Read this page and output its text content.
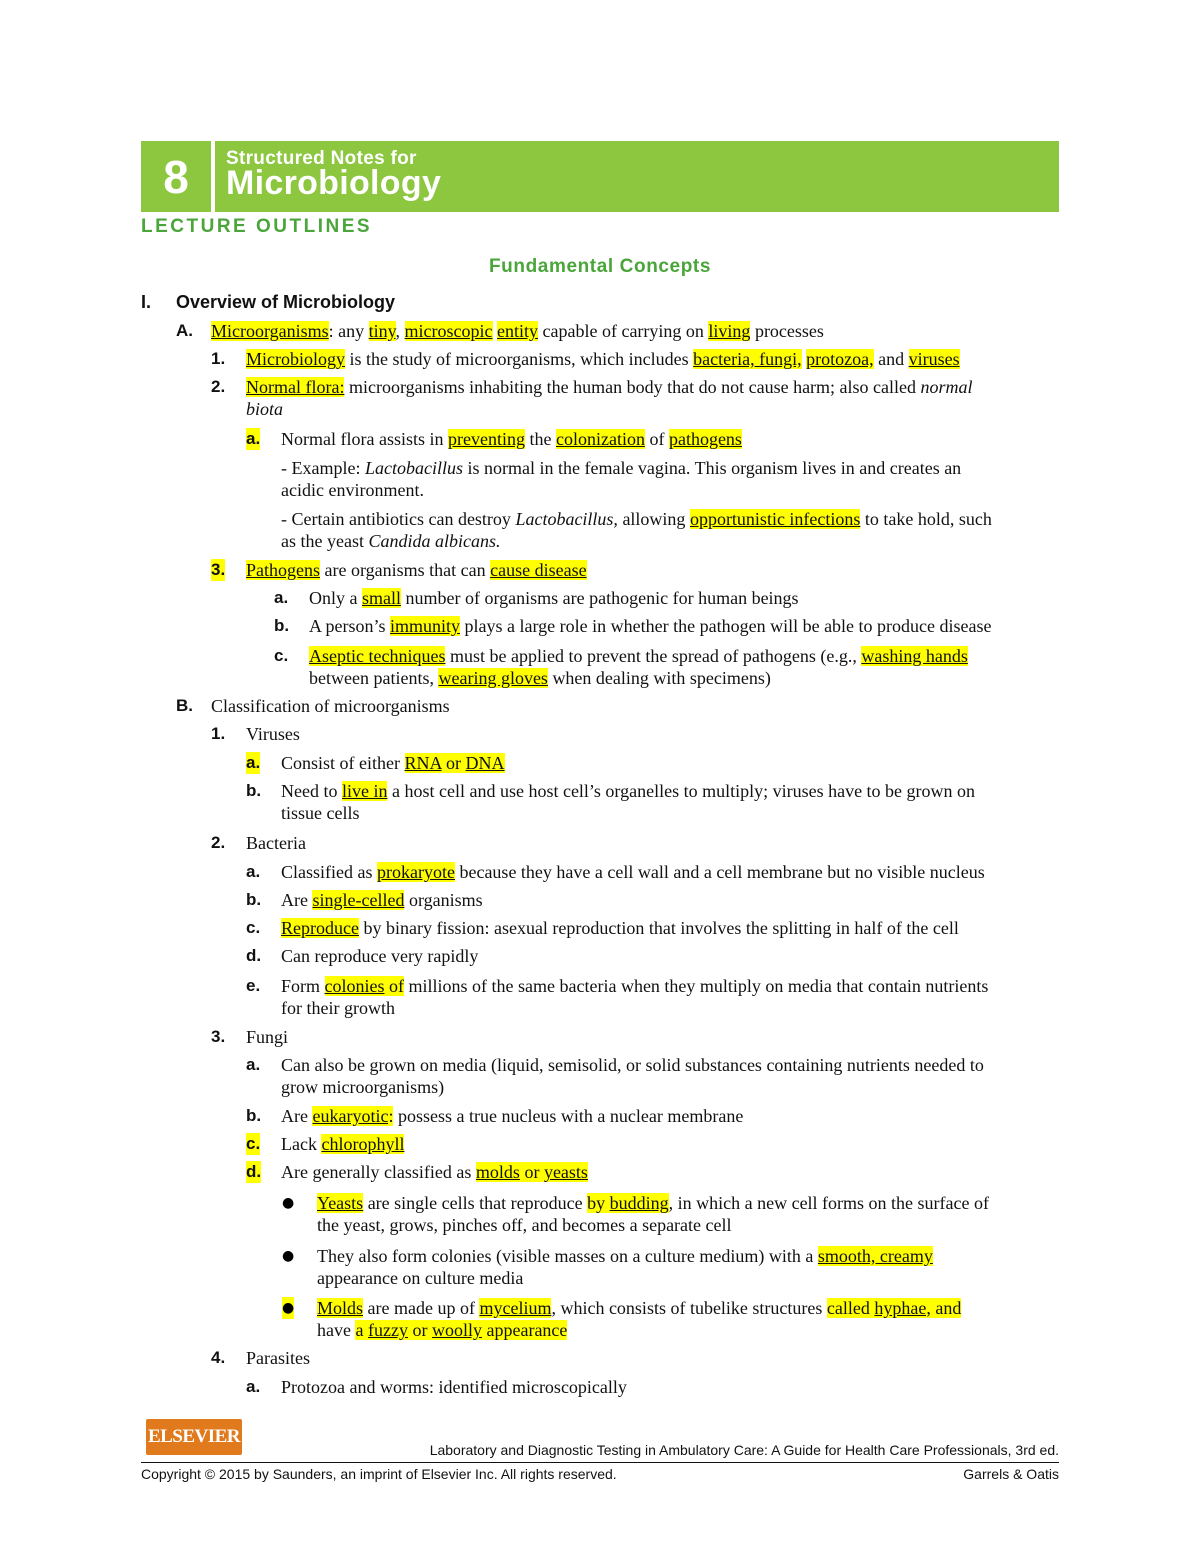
8	Structured Notes for
Microbiology
LECTURE OUTLINES
Fundamental Concepts
I. Overview of Microbiology
A. Microorganisms: any tiny, microscopic entity capable of carrying on living processes
1. Microbiology is the study of microorganisms, which includes bacteria, fungi, protozoa, and viruses
2. Normal flora: microorganisms inhabiting the human body that do not cause harm; also called normal
biota
a. Normal flora assists in preventing the colonization of pathogens
- Example: Lactobacillus is normal in the female vagina. This organism lives in and creates an
acidic environment.
- Certain antibiotics can destroy Lactobacillus, allowing opportunistic infections to take hold, such
as the yeast Candida albicans.
3. Pathogens are organisms that can cause disease
a. Only a small number of organisms are pathogenic for human beings
b. A person’s immunity plays a large role in whether the pathogen will be able to produce disease
c. Aseptic techniques must be applied to prevent the spread of pathogens (e.g., washing hands
between patients, wearing gloves when dealing with specimens)
B. Classification of microorganisms
1. Viruses
a. Consist of either RNA or DNA
b. Need to live in a host cell and use host cell’s organelles to multiply; viruses have to be grown on
tissue cells
2. Bacteria
a. Classified as prokaryote because they have a cell wall and a cell membrane but no visible nucleus
b. Are single-celled organisms
c. Reproduce by binary fission: asexual reproduction that involves the splitting in half of the cell
d. Can reproduce very rapidly
e. Form colonies of millions of the same bacteria when they multiply on media that contain nutrients
for their growth
3. Fungi
a. Can also be grown on media (liquid, semisolid, or solid substances containing nutrients needed to
grow microorganisms)
b. Are eukaryotic: possess a true nucleus with a nuclear membrane
c. Lack chlorophyll
d. Are generally classified as molds or yeasts
● Yeasts are single cells that reproduce by budding, in which a new cell forms on the surface of
the yeast, grows, pinches off, and becomes a separate cell
● They also form colonies (visible masses on a culture medium) with a smooth, creamy
appearance on culture media
● Molds are made up of mycelium, which consists of tubelike structures called hyphae, and
have a fuzzy or woolly appearance
4. Parasites
a. Protozoa and worms: identified microscopically
ELSEVIER
Laboratory and Diagnostic Testing in Ambulatory Care: A Guide for Health Care Professionals, 3rd ed.
Copyright © 2015 by Saunders, an imprint of Elsevier Inc. All rights reserved.	Garrels & Oatis
